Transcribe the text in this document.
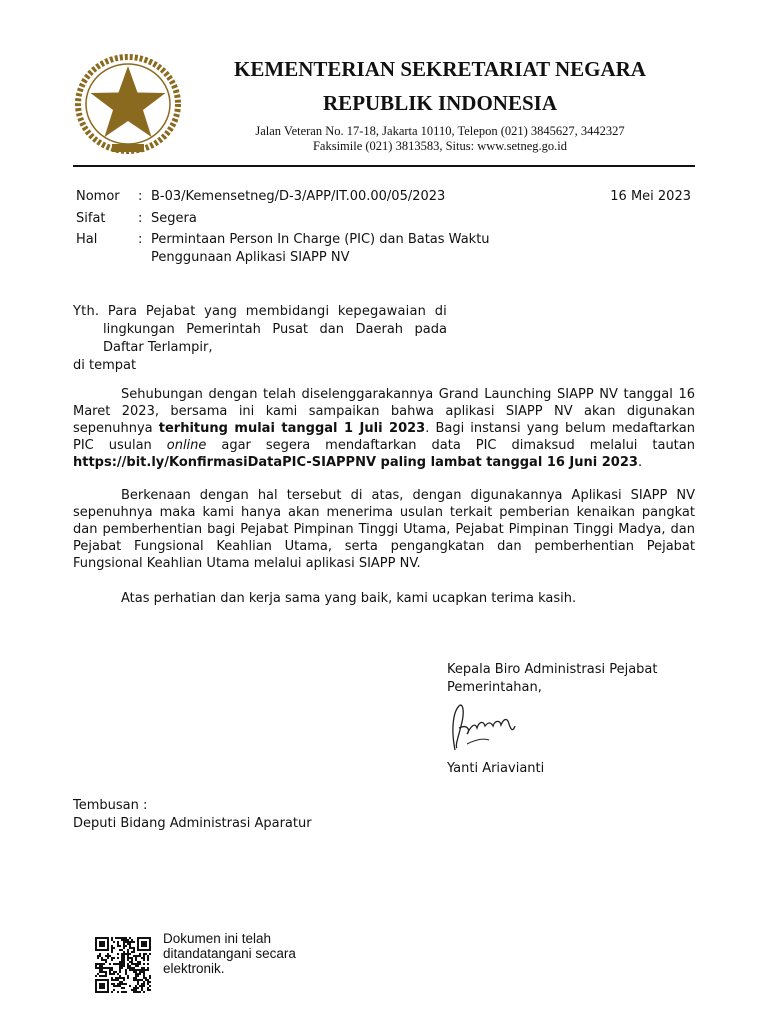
KEMENTERIAN SEKRETARIAT NEGARA
REPUBLIK INDONESIA
Jalan Veteran No. 17-18, Jakarta 10110, Telepon (021) 3845627, 3442327
Faksimile (021) 3813583, Situs: www.setneg.go.id
Nomor : B-03/Kemensetneg/D-3/APP/IT.00.00/05/2023	16 Mei 2023
Sifat : Segera
Hal	: Permintaan Person In Charge (PIC) dan Batas Waktu
Penggunaan Aplikasi SIAPP NV
Yth. Para Pejabat yang membidangi kepegawaian di
lingkungan Pemerintah Pusat dan Daerah pada
Daftar Terlampir,
di tempat
Sehubungan dengan telah diselenggarakannya Grand Launching SIAPP NV tanggal 16 Maret 2023, bersama ini kami sampaikan bahwa aplikasi SIAPP NV akan digunakan sepenuhnya terhitung mulai tanggal 1 Juli 2023. Bagi instansi yang belum medaftarkan PIC usulan online agar segera mendaftarkan data PIC dimaksud melalui tautan https://bit.ly/KonfirmasiDataPIC-SIAPPNV paling lambat tanggal 16 Juni 2023.
Berkenaan dengan hal tersebut di atas, dengan digunakannya Aplikasi SIAPP NV sepenuhnya maka kami hanya akan menerima usulan terkait pemberian kenaikan pangkat dan pemberhentian bagi Pejabat Pimpinan Tinggi Utama, Pejabat Pimpinan Tinggi Madya, dan Pejabat Fungsional Keahlian Utama, serta pengangkatan dan pemberhentian Pejabat Fungsional Keahlian Utama melalui aplikasi SIAPP NV.
Atas perhatian dan kerja sama yang baik, kami ucapkan terima kasih.
Kepala Biro Administrasi Pejabat
Pemerintahan,
Yanti Ariavianti
Tembusan :
Deputi Bidang Administrasi Aparatur
Dokumen ini telah
ditandatangani secara
elektronik.
